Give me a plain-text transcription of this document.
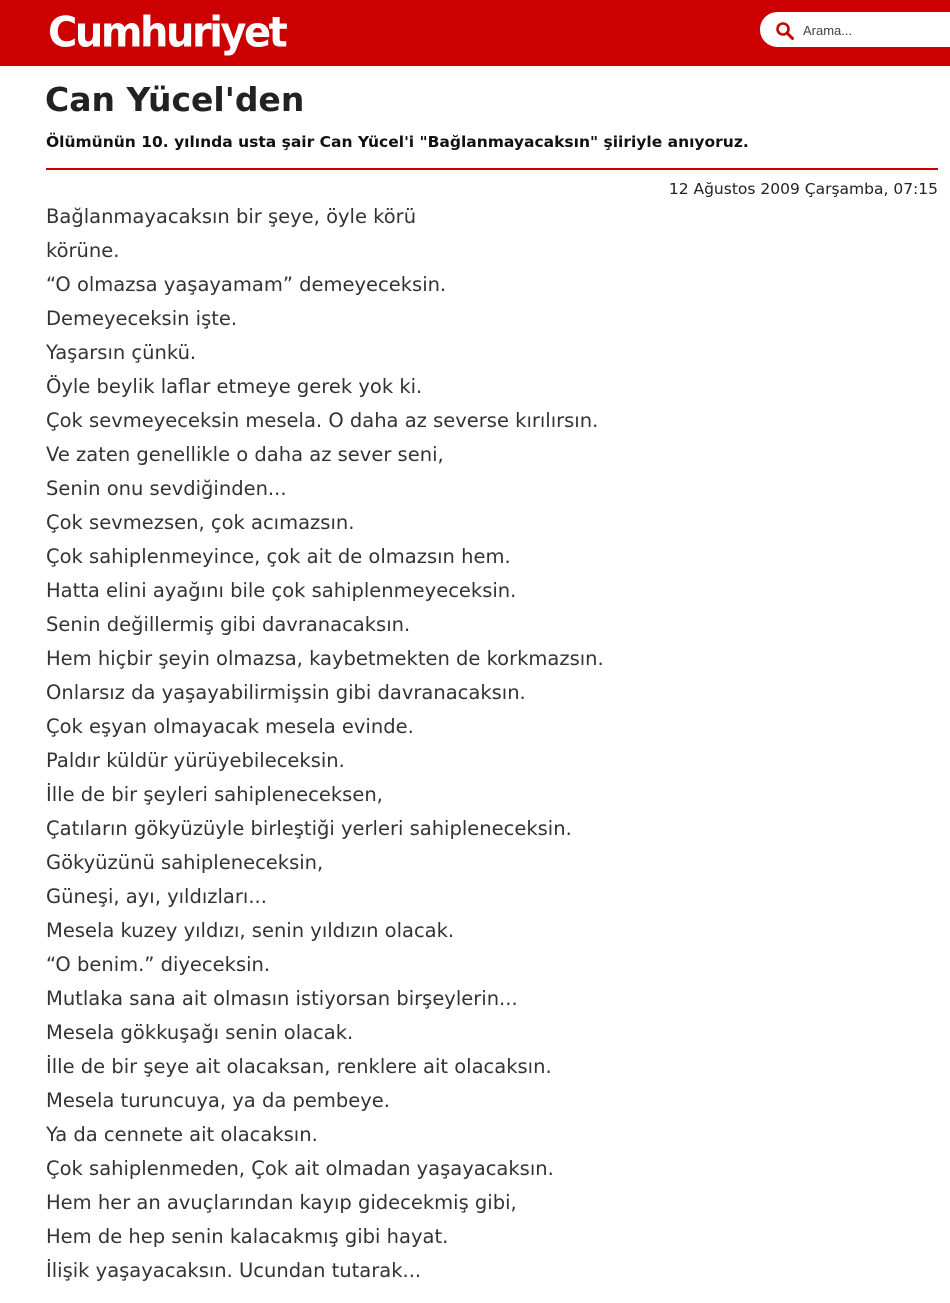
Cumhuriyet
Arama...
Can Yücel'den
Ölümünün 10. yılında usta şair Can Yücel'i "Bağlanmayacaksın" şiiriyle anıyoruz.
12 Ağustos 2009 Çarşamba, 07:15
Bağlanmayacaksın bir şeye, öyle körü
körüne.
“O olmazsa yaşayamam” demeyeceksin.
Demeyeceksin işte.
Yaşarsın çünkü.
Öyle beylik laflar etmeye gerek yok ki.
Çok sevmeyeceksin mesela. O daha az severse kırılırsın.
Ve zaten genellikle o daha az sever seni,
Senin onu sevdiğinden...
Çok sevmezsen, çok acımazsın.
Çok sahiplenmeyince, çok ait de olmazsın hem.
Hatta elini ayağını bile çok sahiplenmeyeceksin.
Senin değillermiş gibi davranacaksın.
Hem hiçbir şeyin olmazsa, kaybetmekten de korkmazsın.
Onlarsız da yaşayabilirmişsin gibi davranacaksın.
Çok eşyan olmayacak mesela evinde.
Paldır küldür yürüyebileceksin.
İlle de bir şeyleri sahipleneceksen,
Çatıların gökyüzüyle birleştiği yerleri sahipleneceksin.
Gökyüzünü sahipleneceksin,
Güneşi, ayı, yıldızları...
Mesela kuzey yıldızı, senin yıldızın olacak.
“O benim.” diyeceksin.
Mutlaka sana ait olmasın istiyorsan birşeylerin...
Mesela gökkuşağı senin olacak.
İlle de bir şeye ait olacaksan, renklere ait olacaksın.
Mesela turuncuya, ya da pembeye.
Ya da cennete ait olacaksın.
Çok sahiplenmeden, Çok ait olmadan yaşayacaksın.
Hem her an avuçlarından kayıp gidecekmiş gibi,
Hem de hep senin kalacakmış gibi hayat.
İlişik yaşayacaksın. Ucundan tutarak...
